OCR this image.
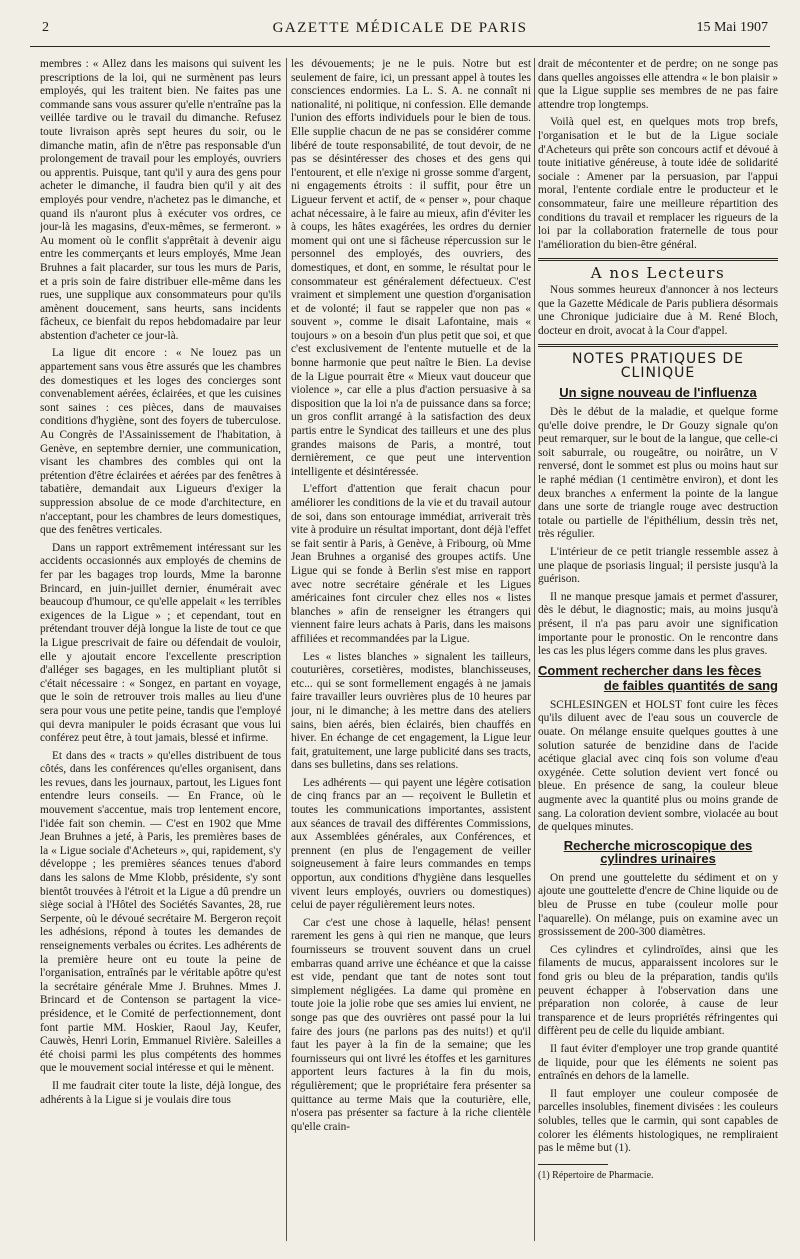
2	GAZETTE MÉDICALE DE PARIS	15 Mai 1907

membres : « Allez dans les maisons qui suivent les prescriptions de la loi, qui ne surmènent pas leurs employés, qui les traitent bien. Ne faites pas une commande sans vous assurer qu'elle n'entraîne pas la veillée tardive ou le travail du dimanche. Refusez toute livraison après sept heures du soir, ou le dimanche matin, afin de n'être pas responsable d'un prolongement de travail pour les employés, ouvriers ou apprentis. Puisque, tant qu'il y aura des gens pour acheter le dimanche, il faudra bien qu'il y ait des employés pour vendre, n'achetez pas le dimanche, et quand ils n'auront plus à exécuter vos ordres, ce jour-là les magasins, d'eux-mêmes, se fermeront. » Au moment où le conflit s'apprêtait à devenir aigu entre les commerçants et leurs employés, Mme Jean Bruhnes a fait placarder, sur tous les murs de Paris, et a pris soin de faire distribuer elle-même dans les rues, une supplique aux consommateurs pour qu'ils amènent doucement, sans heurts, sans incidents fâcheux, ce bienfait du repos hebdomadaire par leur abstention d'acheter ce jour-là.

La ligue dit encore : « Ne louez pas un appartement sans vous être assurés que les chambres des domestiques et les loges des concierges sont convenablement aérées, éclairées, et que les cuisines sont saines : ces pièces, dans de mauvaises conditions d'hygiène, sont des foyers de tuberculose. Au Congrès de l'Assainissement de l'habitation, à Genève, en septembre dernier, une communication, visant les chambres des combles qui ont la prétention d'être éclairées et aérées par des fenêtres à tabatière, demandait aux Ligueurs d'exiger la suppression absolue de ce mode d'architecture, en n'acceptant, pour les chambres de leurs domestiques, que des fenêtres verticales.

Dans un rapport extrêmement intéressant sur les accidents occasionnés aux employés de chemins de fer par les bagages trop lourds, Mme la baronne Brincard, en juin-juillet dernier, énumérait avec beaucoup d'humour, ce qu'elle appelait « les terribles exigences de la Ligue » ; et cependant, tout en prétendant trouver déjà longue la liste de tout ce que la Ligue prescrivait de faire ou défendait de vouloir, elle y ajoutait encore l'excellente prescription d'alléger ses bagages, en les multipliant plutôt si c'était nécessaire : « Songez, en partant en voyage, que le soin de retrouver trois malles au lieu d'une sera pour vous une petite peine, tandis que l'employé qui devra manipuler le poids écrasant que vous lui conférez peut être, à tout jamais, blessé et infirme.

Et dans des « tracts » qu'elles distribuent de tous côtés, dans les conférences qu'elles organisent, dans les revues, dans les journaux, partout, les Ligues font entendre leurs conseils. — En France, où le mouvement s'accentue, mais trop lentement encore, l'idée fait son chemin. — C'est en 1902 que Mme Jean Bruhnes a jeté, à Paris, les premières bases de la « Ligue sociale d'Acheteurs », qui, rapidement, s'y développe ; les premières séances tenues d'abord dans les salons de Mme Klobb, présidente, s'y sont bientôt trouvées à l'étroit et la Ligue a dû prendre un siège social à l'Hôtel des Sociétés Savantes, 28, rue Serpente, où le dévoué secrétaire M. Bergeron reçoit les adhésions, répond à toutes les demandes de renseignements verbales ou écrites. Les adhérents de la première heure ont eu toute la peine de l'organisation, entraînés par le véritable apôtre qu'est la secrétaire générale Mme J. Bruhnes. Mmes J. Brincard et de Contenson se partagent la vice-présidence, et le Comité de perfectionnement, dont font partie MM. Hoskier, Raoul Jay, Keufer, Cauwès, Henri Lorin, Emmanuel Rivière. Saleilles a été choisi parmi les plus compétents des hommes que le mouvement social intéresse et qui le mènent.

Il me faudrait citer toute la liste, déjà longue, des adhérents à la Ligue si je voulais dire tous

les dévouements; je ne le puis. Notre but est seulement de faire, ici, un pressant appel à toutes les consciences endormies. La L. S. A. ne connaît ni nationalité, ni politique, ni confession. Elle demande l'union des efforts individuels pour le bien de tous. Elle supplie chacun de ne pas se considérer comme libéré de toute responsabilité, de tout devoir, de ne pas se désintéresser des choses et des gens qui l'entourent, et elle n'exige ni grosse somme d'argent, ni engagements étroits : il suffit, pour être un Ligueur fervent et actif, de « penser », pour chaque achat nécessaire, à le faire au mieux, afin d'éviter les à coups, les hâtes exagérées, les ordres du dernier moment qui ont une si fâcheuse répercussion sur le personnel des employés, des ouvriers, des domestiques, et dont, en somme, le résultat pour le consommateur est généralement défectueux. C'est vraiment et simplement une question d'organisation et de volonté; il faut se rappeler que non pas « souvent », comme le disait Lafontaine, mais « toujours » on a besoin d'un plus petit que soi, et que c'est exclusivement de l'entente mutuelle et de la bonne harmonie que peut naître le Bien. La devise de la Ligue pourrait être « Mieux vaut douceur que violence », car elle a plus d'action persuasive à sa disposition que la loi n'a de puissance dans sa force; un gros conflit arrangé à la satisfaction des deux partis entre le Syndicat des tailleurs et une des plus grandes maisons de Paris, a montré, tout dernièrement, ce que peut une intervention intelligente et désintéressée.

L'effort d'attention que ferait chacun pour améliorer les conditions de la vie et du travail autour de soi, dans son entourage immédiat, arriverait très vite à produire un résultat important, dont déjà l'effet se fait sentir à Paris, à Genève, à Fribourg, où Mme Jean Bruhnes a organisé des groupes actifs. Une Ligue qui se fonde à Berlin s'est mise en rapport avec notre secrétaire générale et les Ligues américaines font circuler chez elles nos « listes blanches » afin de renseigner les étrangers qui viennent faire leurs achats à Paris, dans les maisons affiliées et recommandées par la Ligue.

Les « listes blanches » signalent les tailleurs, couturières, corsetières, modistes, blanchisseuses, etc... qui se sont formellement engagés à ne jamais faire travailler leurs ouvrières plus de 10 heures par jour, ni le dimanche; à les mettre dans des ateliers sains, bien aérés, bien éclairés, bien chauffés en hiver. En échange de cet engagement, la Ligue leur fait, gratuitement, une large publicité dans ses tracts, dans ses bulletins, dans ses relations.

Les adhérents — qui payent une légère cotisation de cinq francs par an — reçoivent le Bulletin et toutes les communications importantes, assistent aux séances de travail des différentes Commissions, aux Assemblées générales, aux Conférences, et prennent (en plus de l'engagement de veiller soigneusement à faire leurs commandes en temps opportun, aux conditions d'hygiène dans lesquelles vivent leurs employés, ouvriers ou domestiques) celui de payer régulièrement leurs notes.

Car c'est une chose à laquelle, hélas! pensent rarement les gens à qui rien ne manque, que leurs fournisseurs se trouvent souvent dans un cruel embarras quand arrive une échéance et que la caisse est vide, pendant que tant de notes sont tout simplement négligées. La dame qui promène en toute joie la jolie robe que ses amies lui envient, ne songe pas que des ouvrières ont passé pour la lui faire des jours (ne parlons pas des nuits!) et qu'il faut les payer à la fin de la semaine; que les fournisseurs qui ont livré les étoffes et les garnitures apportent leurs factures à la fin du mois, régulièrement; que le propriétaire fera présenter sa quittance au terme Mais que la couturière, elle, n'osera pas présenter sa facture à la riche clientèle qu'elle crain-

drait de mécontenter et de perdre; on ne songe pas dans quelles angoisses elle attendra « le bon plaisir » que la Ligue supplie ses membres de ne pas faire attendre trop longtemps.

Voilà quel est, en quelques mots trop brefs, l'organisation et le but de la Ligue sociale d'Acheteurs qui prête son concours actif et dévoué à toute initiative généreuse, à toute idée de solidarité sociale : Amener par la persuasion, par l'appui moral, l'entente cordiale entre le producteur et le consommateur, faire une meilleure répartition des conditions du travail et remplacer les rigueurs de la loi par la collaboration fraternelle de tous pour l'amélioration du bien-être général.

A nos Lecteurs

Nous sommes heureux d'annoncer à nos lecteurs que la Gazette Médicale de Paris publiera désormais une Chronique judiciaire due à M. René Bloch, docteur en droit, avocat à la Cour d'appel.

NOTES PRATIQUES DE CLINIQUE
Un signe nouveau de l'influenza

Dès le début de la maladie, et quelque forme qu'elle doive prendre, le Dr Gouzy signale qu'on peut remarquer, sur le bout de la langue, que celle-ci soit saburrale, ou rougeâtre, ou noirâtre, un V renversé, dont le sommet est plus ou moins haut sur le raphé médian (1 centimètre environ), et dont les deux branches ʌ enferment la pointe de la langue dans une sorte de triangle rouge avec destruction totale ou partielle de l'épithélium, dessin très net, très régulier.

L'intérieur de ce petit triangle ressemble assez à une plaque de psoriasis lingual; il persiste jusqu'à la guérison.

Il ne manque presque jamais et permet d'assurer, dès le début, le diagnostic; mais, au moins jusqu'à présent, il n'a pas paru avoir une signification importante pour le pronostic. On le rencontre dans les cas les plus légers comme dans les plus graves.

Comment rechercher dans les fèces
de faibles quantités de sang

SCHLESINGEN et HOLST font cuire les fèces qu'ils diluent avec de l'eau sous un couvercle de ouate. On mélange ensuite quelques gouttes à une solution saturée de benzidine dans de l'acide acétique glacial avec cinq fois son volume d'eau oxygénée. Cette solution devient vert foncé ou bleue. En présence de sang, la couleur bleue augmente avec la quantité plus ou moins grande de sang. La coloration devient sombre, violacée au bout de quelques minutes.

Recherche microscopique des cylindres urinaires

On prend une gouttelette du sédiment et on y ajoute une gouttelette d'encre de Chine liquide ou de bleu de Prusse en tube (couleur molle pour l'aquarelle). On mélange, puis on examine avec un grossissement de 200-300 diamètres.

Ces cylindres et cylindroïdes, ainsi que les filaments de mucus, apparaissent incolores sur le fond gris ou bleu de la préparation, tandis qu'ils peuvent échapper à l'observation dans une préparation non colorée, à cause de leur transparence et de leurs propriétés réfringentes qui diffèrent peu de celle du liquide ambiant.

Il faut éviter d'employer une trop grande quantité de liquide, pour que les éléments ne soient pas entraînés en dehors de la lamelle.

Il faut employer une couleur composée de parcelles insolubles, finement divisées : les couleurs solubles, telles que le carmin, qui sont capables de colorer les éléments histologiques, ne rempliraient pas le même but (1).

(1) Répertoire de Pharmacie.
